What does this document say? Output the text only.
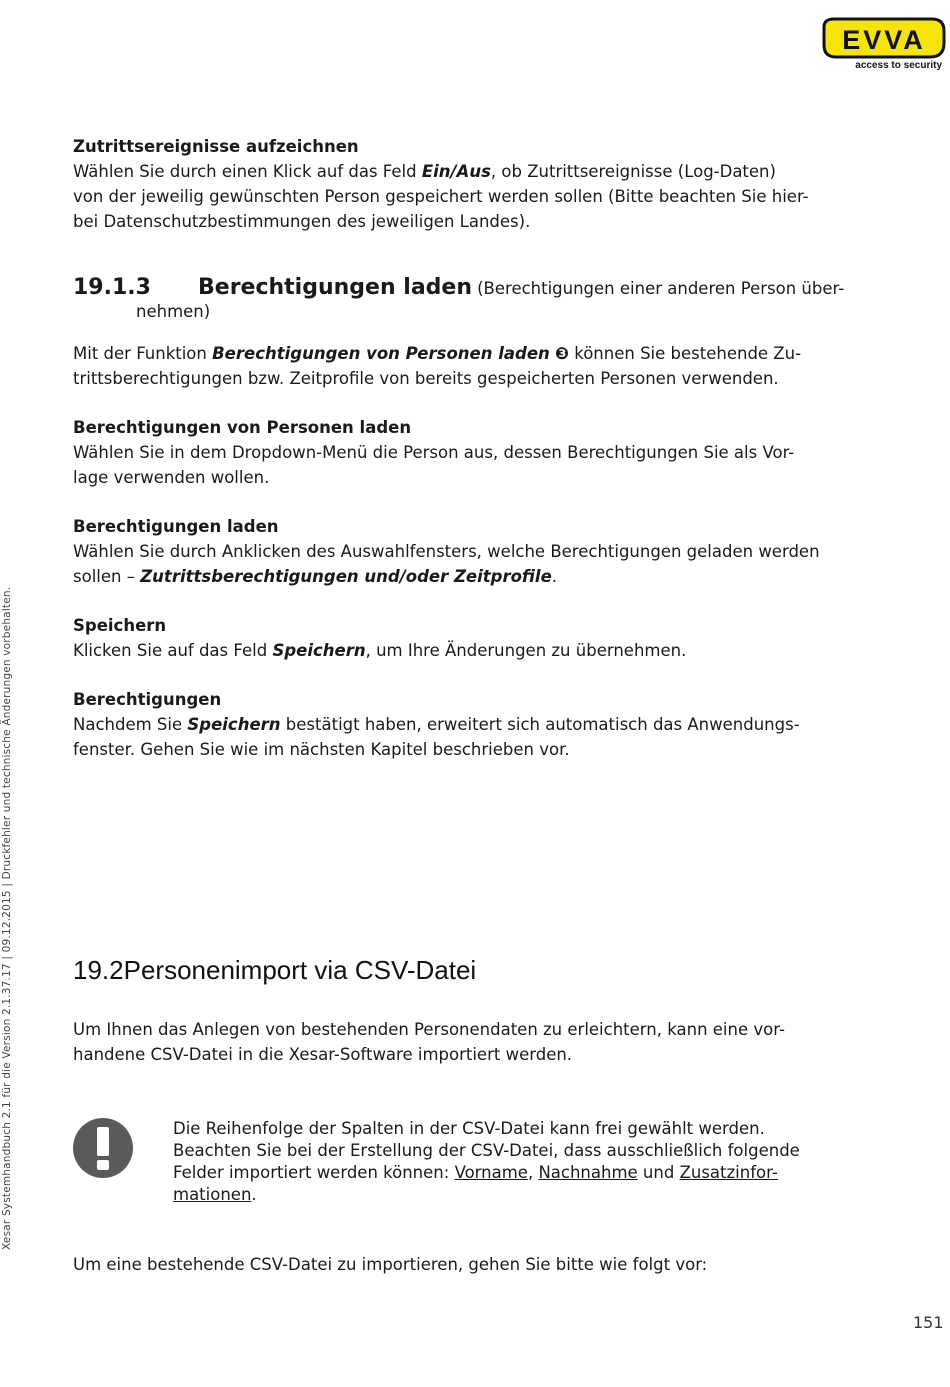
EVVA
access to security
Xesar Systemhandbuch 2.1 für die Version 2.1.37.17 | 09.12.2015 | Druckfehler und technische Änderungen vorbehalten.
Zutrittsereignisse aufzeichnen
Wählen Sie durch einen Klick auf das Feld Ein/Aus, ob Zutrittsereignisse (Log-Daten)
von der jeweilig gewünschten Person gespeichert werden sollen (Bitte beachten Sie hier-
bei Datenschutzbestimmungen des jeweiligen Landes).
19.1.3 Berechtigungen laden (Berechtigungen einer anderen Person über-
nehmen)
Mit der Funktion Berechtigungen von Personen laden ❸ können Sie bestehende Zu-
trittsberechtigungen bzw. Zeitprofile von bereits gespeicherten Personen verwenden.
Berechtigungen von Personen laden
Wählen Sie in dem Dropdown-Menü die Person aus, dessen Berechtigungen Sie als Vor-
lage verwenden wollen.
Berechtigungen laden
Wählen Sie durch Anklicken des Auswahlfensters, welche Berechtigungen geladen werden
sollen – Zutrittsberechtigungen und/oder Zeitprofile.
Speichern
Klicken Sie auf das Feld Speichern, um Ihre Änderungen zu übernehmen.
Berechtigungen
Nachdem Sie Speichern bestätigt haben, erweitert sich automatisch das Anwendungs-
fenster. Gehen Sie wie im nächsten Kapitel beschrieben vor.
19.2Personenimport via CSV-Datei
Um Ihnen das Anlegen von bestehenden Personendaten zu erleichtern, kann eine vor-
handene CSV-Datei in die Xesar-Software importiert werden.
Die Reihenfolge der Spalten in der CSV-Datei kann frei gewählt werden.
Beachten Sie bei der Erstellung der CSV-Datei, dass ausschließlich folgende
Felder importiert werden können: Vorname, Nachnahme und Zusatzinfor-
mationen.
Um eine bestehende CSV-Datei zu importieren, gehen Sie bitte wie folgt vor:
151
